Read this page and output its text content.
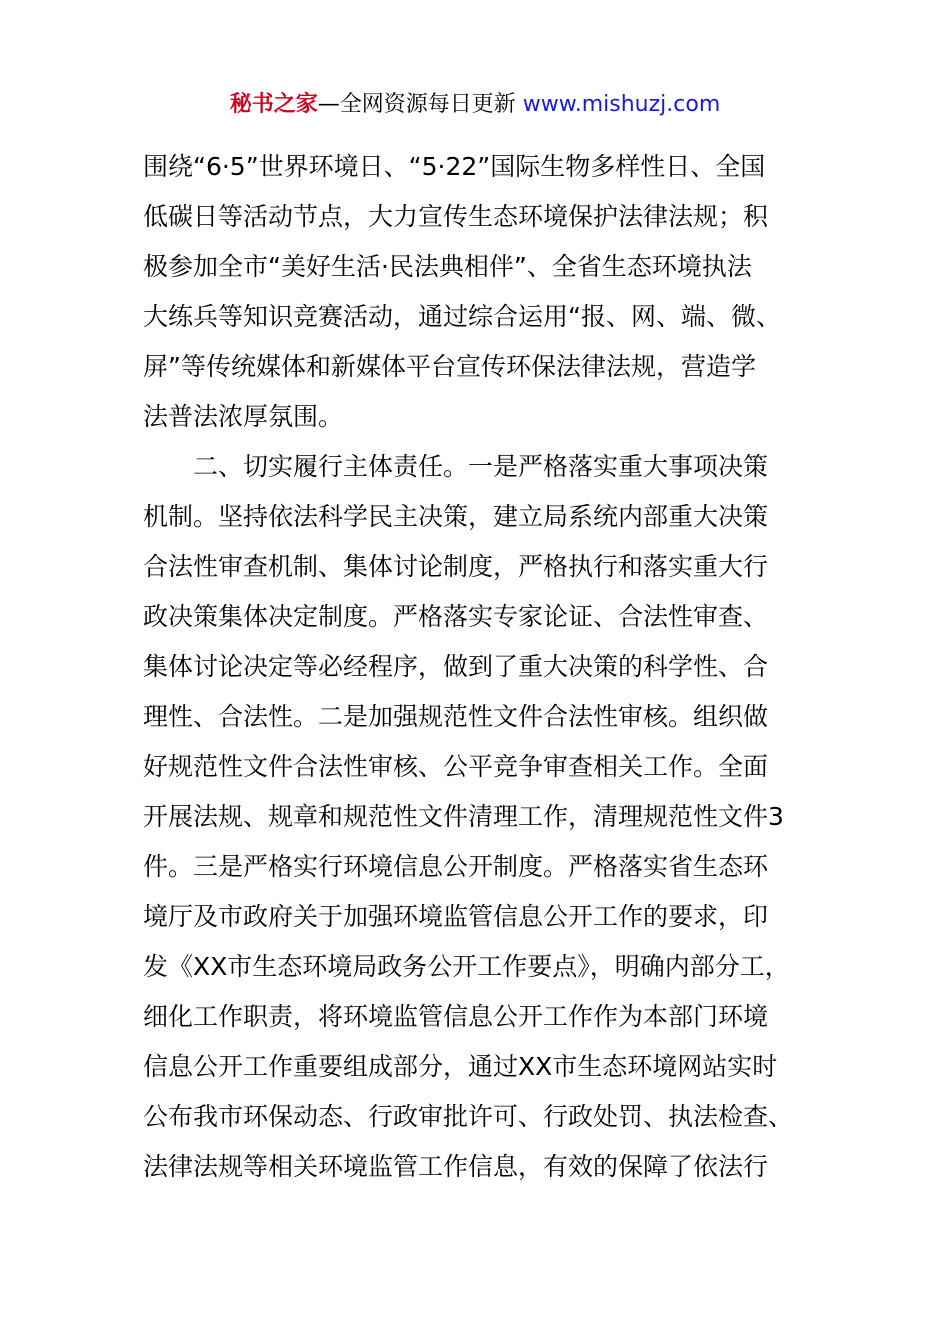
秘书之家—全网资源每日更新 www.mishuzj.com
围绕“6·5”世界环境日、“5·22”国际生物多样性日、全国
低碳日等活动节点，大力宣传生态环境保护法律法规；积
极参加全市“美好生活·民法典相伴”、全省生态环境执法
大练兵等知识竞赛活动，通过综合运用“报、网、端、微、
屏”等传统媒体和新媒体平台宣传环保法律法规，营造学
法普法浓厚氛围。
　　二、切实履行主体责任。一是严格落实重大事项决策
机制。坚持依法科学民主决策，建立局系统内部重大决策
合法性审查机制、集体讨论制度，严格执行和落实重大行
政决策集体决定制度。严格落实专家论证、合法性审查、
集体讨论决定等必经程序，做到了重大决策的科学性、合
理性、合法性。二是加强规范性文件合法性审核。组织做
好规范性文件合法性审核、公平竞争审查相关工作。全面
开展法规、规章和规范性文件清理工作，清理规范性文件3
件。三是严格实行环境信息公开制度。严格落实省生态环
境厅及市政府关于加强环境监管信息公开工作的要求，印
发《XX市生态环境局政务公开工作要点》，明确内部分工，
细化工作职责，将环境监管信息公开工作作为本部门环境
信息公开工作重要组成部分，通过XX市生态环境网站实时
公布我市环保动态、行政审批许可、行政处罚、执法检查、
法律法规等相关环境监管工作信息，有效的保障了依法行
